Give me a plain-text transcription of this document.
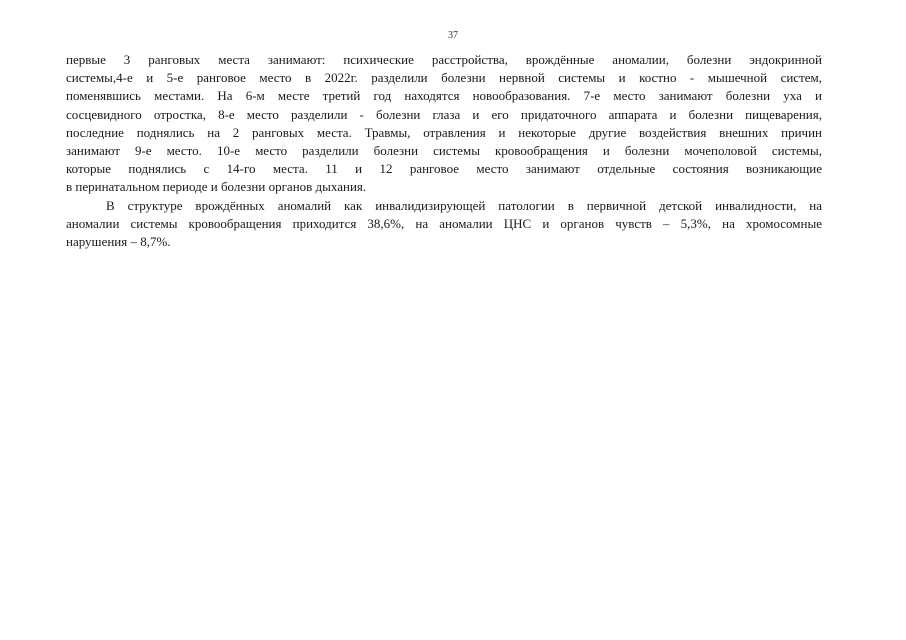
37
первые 3 ранговых места занимают: психические расстройства, врождённые аномалии, болезни эндокринной
системы,4-е и 5-е ранговое место в 2022г. разделили болезни нервной системы и костно - мышечной систем,
поменявшись местами. На 6-м месте третий год находятся новообразования. 7-е место занимают болезни уха и
сосцевидного отростка, 8-е место разделили - болезни глаза и его придаточного аппарата и болезни пищеварения,
последние поднялись на 2 ранговых места. Травмы, отравления и некоторые другие воздействия внешних причин
занимают 9-е место. 10-е место разделили болезни системы кровообращения и болезни мочеполовой системы,
которые поднялись с 14-го места. 11 и 12 ранговое место занимают отдельные состояния возникающие
в перинатальном периоде и болезни органов дыхания.
В структуре врождённых аномалий как инвалидизирующей патологии в первичной детской инвалидности, на
аномалии системы кровообращения приходится 38,6%, на аномалии ЦНС и органов чувств – 5,3%, на хромосомные
нарушения – 8,7%.
